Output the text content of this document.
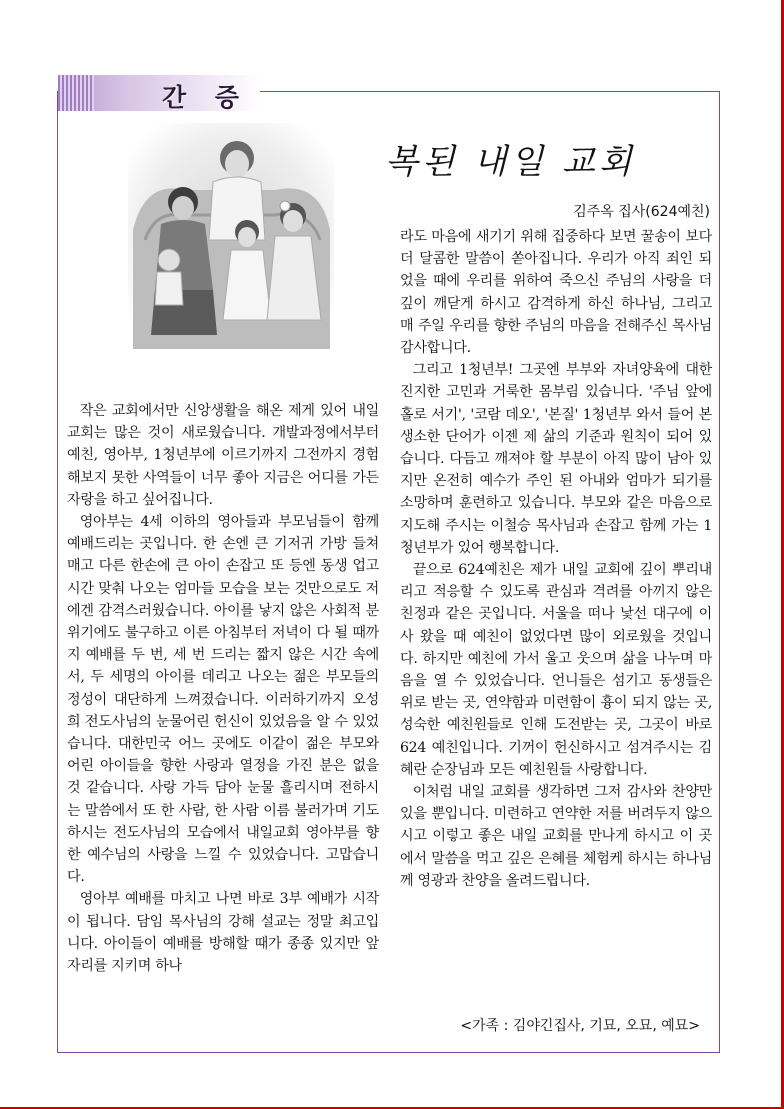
간 증
복된 내일 교회
김주옥 집사(624예친)

작은 교회에서만 신앙생활을 해온 제게 있어 내일교회는 많은 것이 새로웠습니다. 개발과정에서부터 예친, 영아부, 1청년부에 이르기까지 그전까지 경험해보지 못한 사역들이 너무 좋아 지금은 어디를 가든 자랑을 하고 싶어집니다.

영아부는 4세 이하의 영아들과 부모님들이 함께 예배드리는 곳입니다. 한 손엔 큰 기저귀 가방 들쳐 매고 다른 한손에 큰 아이 손잡고 또 등엔 동생 업고 시간 맞춰 나오는 엄마들 모습을 보는 것만으로도 저에겐 감격스러웠습니다. 아이를 낳지 않은 사회적 분위기에도 불구하고 이른 아침부터 저녁이 다 될 때까지 예배를 두 번, 세 번 드리는 짧지 않은 시간 속에서, 두 세명의 아이를 데리고 나오는 젊은 부모들의 정성이 대단하게 느껴졌습니다. 이러하기까지 오성희 전도사님의 눈물어린 헌신이 있었음을 알 수 있었습니다. 대한민국 어느 곳에도 이같이 젊은 부모와 어린 아이들을 향한 사랑과 열정을 가진 분은 없을 것 같습니다. 사랑 가득 담아 눈물 흘리시며 전하시는 말씀에서 또 한 사람, 한 사람 이름 불러가며 기도하시는 전도사님의 모습에서 내일교회 영아부를 향한 예수님의 사랑을 느낄 수 있었습니다. 고맙습니다.

영아부 예배를 마치고 나면 바로 3부 예배가 시작이 됩니다. 담임 목사님의 강해 설교는 정말 최고입니다. 아이들이 예배를 방해할 때가 종종 있지만 앞자리를 지키며 하나

라도 마음에 새기기 위해 집중하다 보면 꿀송이 보다 더 달콤한 말씀이 쏟아집니다. 우리가 아직 죄인 되었을 때에 우리를 위하여 죽으신 주님의 사랑을 더 깊이 깨닫게 하시고 감격하게 하신 하나님, 그리고 매 주일 우리를 향한 주님의 마음을 전해주신 목사님 감사합니다.

그리고 1청년부! 그곳엔 부부와 자녀양육에 대한 진지한 고민과 거룩한 몸부림 있습니다. '주님 앞에 홀로 서기', '코람 데오', '본질' 1청년부 와서 들어 본 생소한 단어가 이젠 제 삶의 기준과 원칙이 되어 있습니다. 다듬고 깨져야 할 부분이 아직 많이 남아 있지만 온전히 예수가 주인 된 아내와 엄마가 되기를 소망하며 훈련하고 있습니다. 부모와 같은 마음으로 지도해 주시는 이철승 목사님과 손잡고 함께 가는 1청년부가 있어 행복합니다.

끝으로 624예친은 제가 내일 교회에 깊이 뿌리내리고 적응할 수 있도록 관심과 격려를 아끼지 않은 친정과 같은 곳입니다. 서울을 떠나 낯선 대구에 이사 왔을 때 예친이 없었다면 많이 외로웠을 것입니다. 하지만 예친에 가서 울고 웃으며 삶을 나누며 마음을 열 수 있었습니다. 언니들은 섬기고 동생들은 위로 받는 곳, 연약함과 미련함이 흉이 되지 않는 곳, 성숙한 예친원들로 인해 도전받는 곳, 그곳이 바로 624 예친입니다. 기꺼이 헌신하시고 섬겨주시는 김혜란 순장님과 모든 예친원들 사랑합니다.

이처럼 내일 교회를 생각하면 그저 감사와 찬양만 있을 뿐입니다. 미련하고 연약한 저를 버려두지 않으시고 이렇고 좋은 내일 교회를 만나게 하시고 이 곳에서 말씀을 먹고 깊은 은혜를 체험케 하시는 하나님께 영광과 찬양을 올려드립니다.

<가족 : 김야긴집사, 기묘, 오묘, 예묘>
